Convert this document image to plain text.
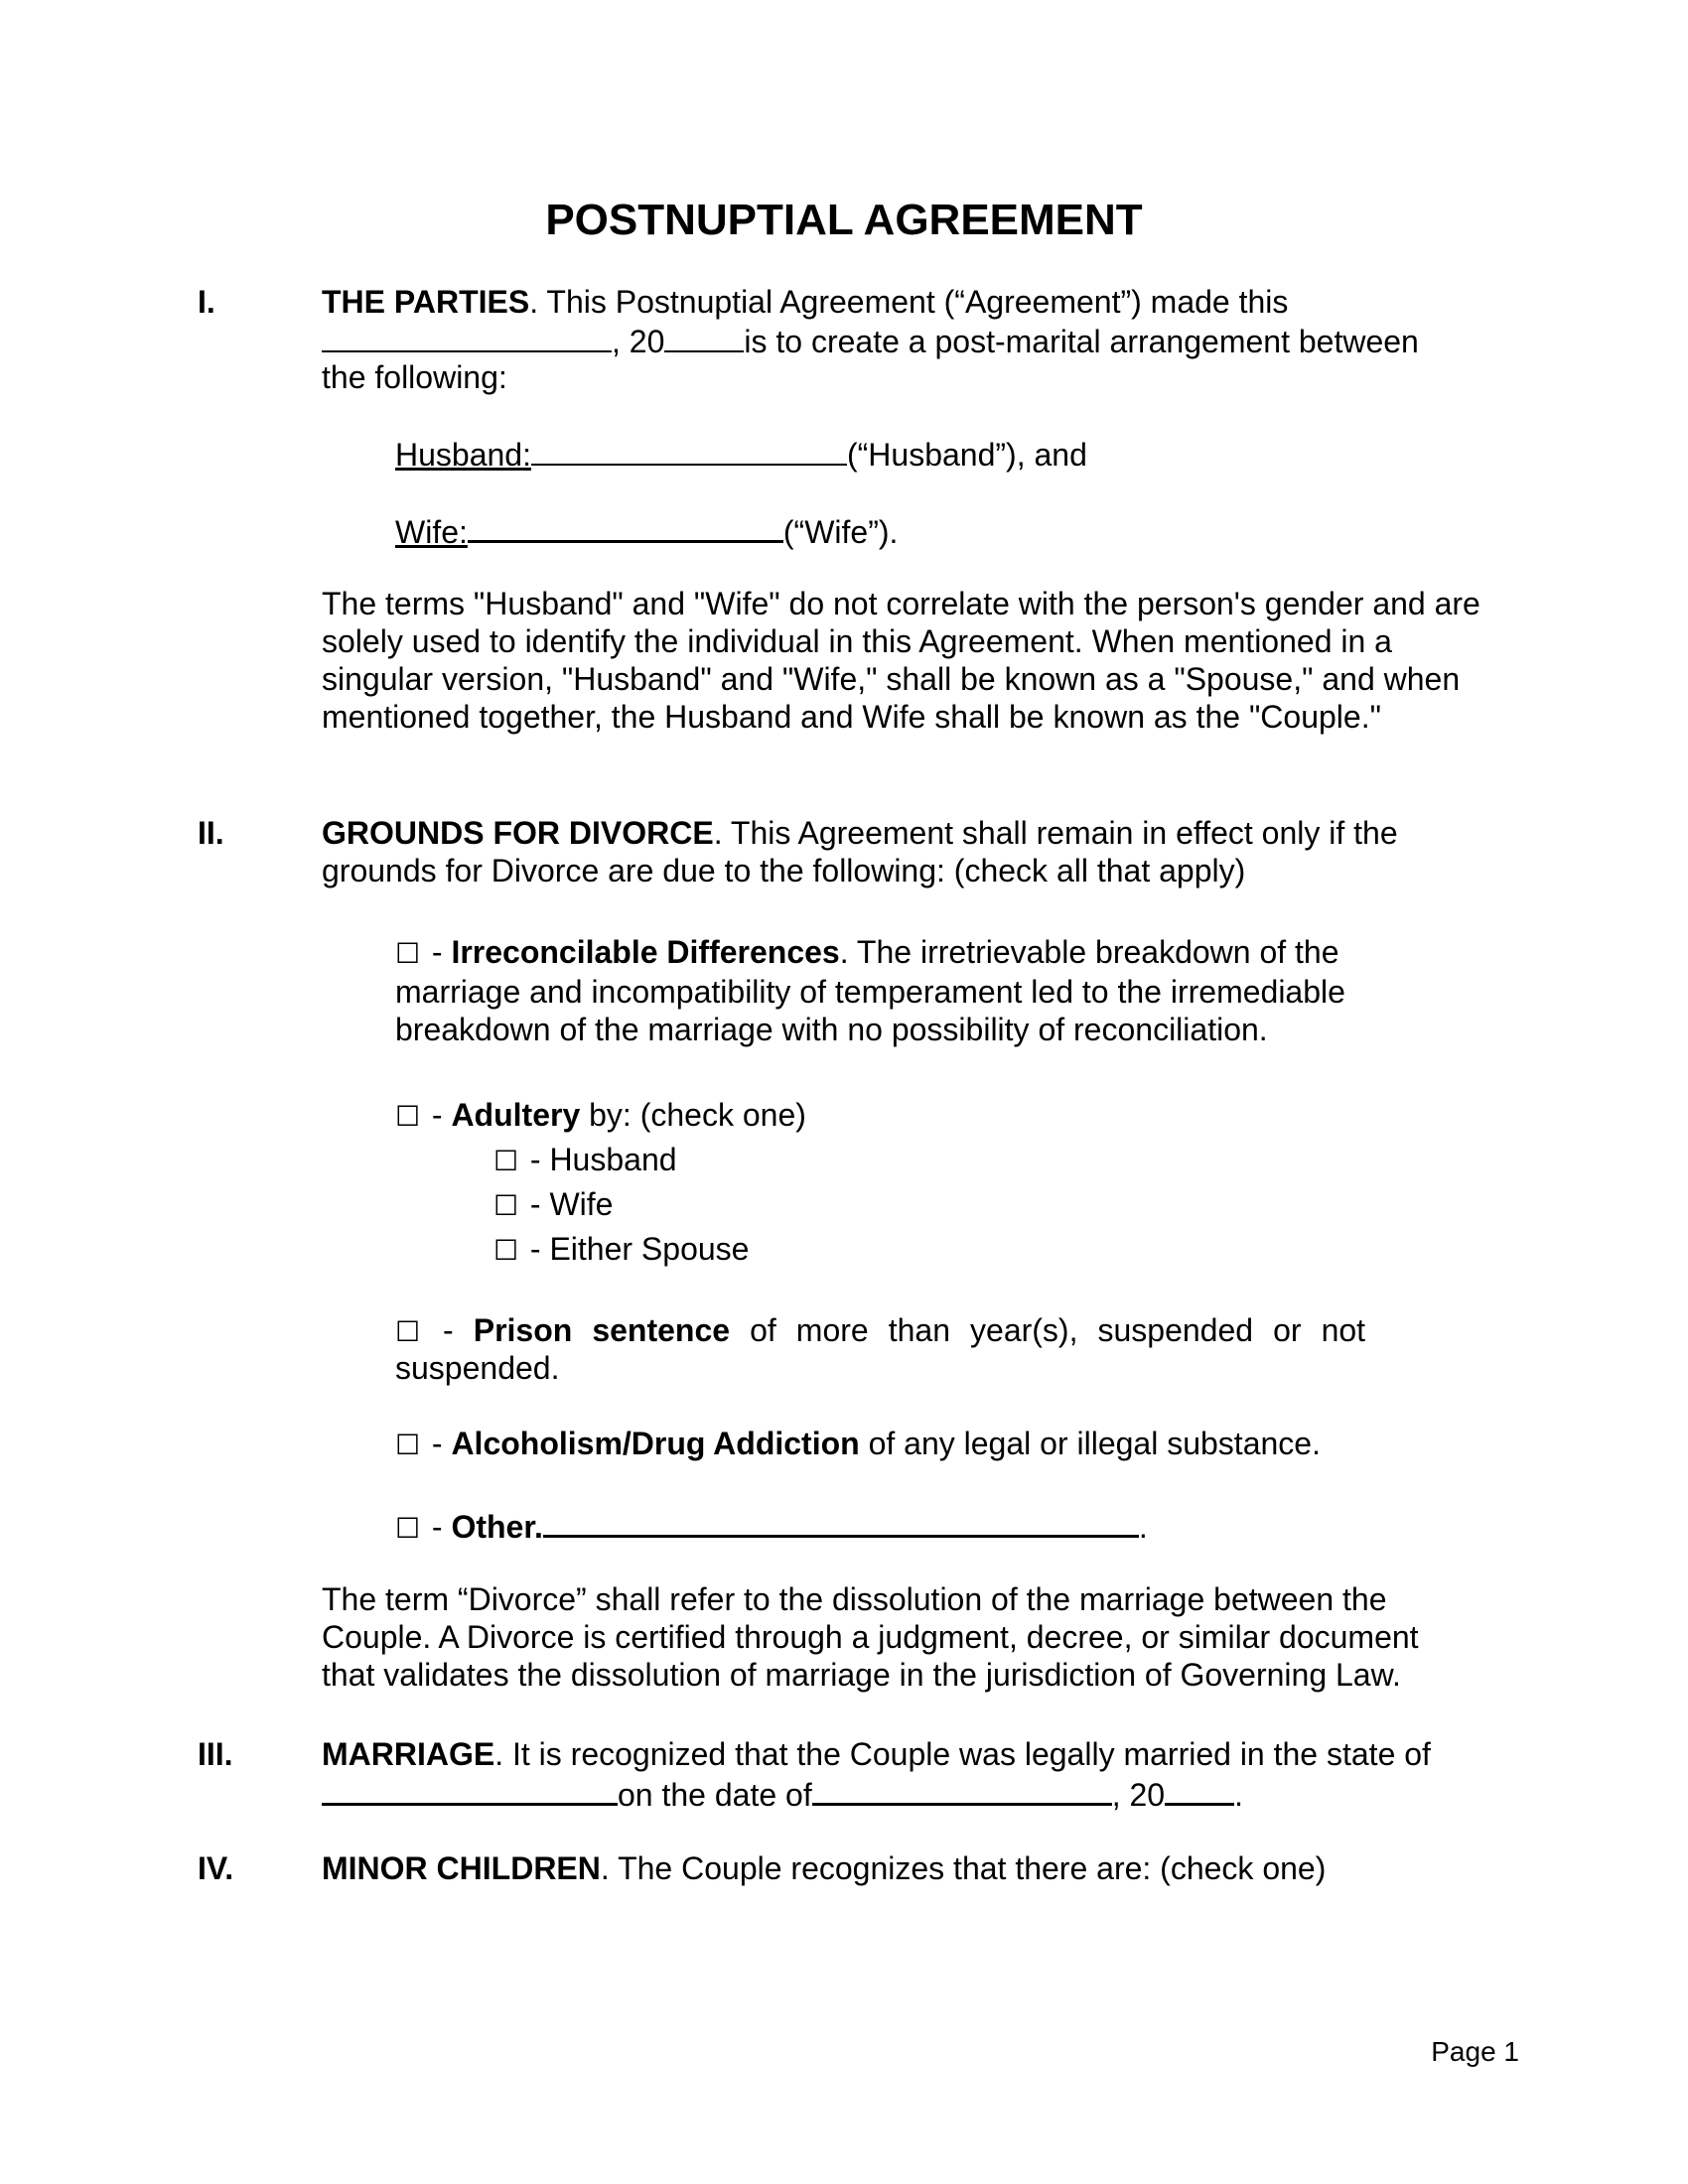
POSTNUPTIAL AGREEMENT
I.	THE PARTIES. This Postnuptial Agreement (“Agreement”) made this
, 20	is to create a post-marital arrangement between
the following:
Husband:	(“Husband”), and
Wife:	(“Wife”).
The terms "Husband" and "Wife" do not correlate with the person's gender and are solely used to identify the individual in this Agreement. When mentioned in a singular version, "Husband" and "Wife," shall be known as a "Spouse," and when mentioned together, the Husband and Wife shall be known as the "Couple."
II.	GROUNDS FOR DIVORCE. This Agreement shall remain in effect only if the grounds for Divorce are due to the following: (check all that apply)
☐ - Irreconcilable Differences. The irretrievable breakdown of the marriage and incompatibility of temperament led to the irremediable breakdown of the marriage with no possibility of reconciliation.
☐ - Adultery by: (check one)
☐ - Husband
☐ - Wife
☐ - Either Spouse
☐ - Prison sentence of more than year(s), suspended or not
suspended.
☐ - Alcoholism/Drug Addiction of any legal or illegal substance.
☐ - Other.	.
The term “Divorce” shall refer to the dissolution of the marriage between the Couple. A Divorce is certified through a judgment, decree, or similar document that validates the dissolution of marriage in the jurisdiction of Governing Law.
III.	MARRIAGE. It is recognized that the Couple was legally married in the state of
on the date of	, 20 .
IV.	MINOR CHILDREN. The Couple recognizes that there are: (check one)
Page 1
